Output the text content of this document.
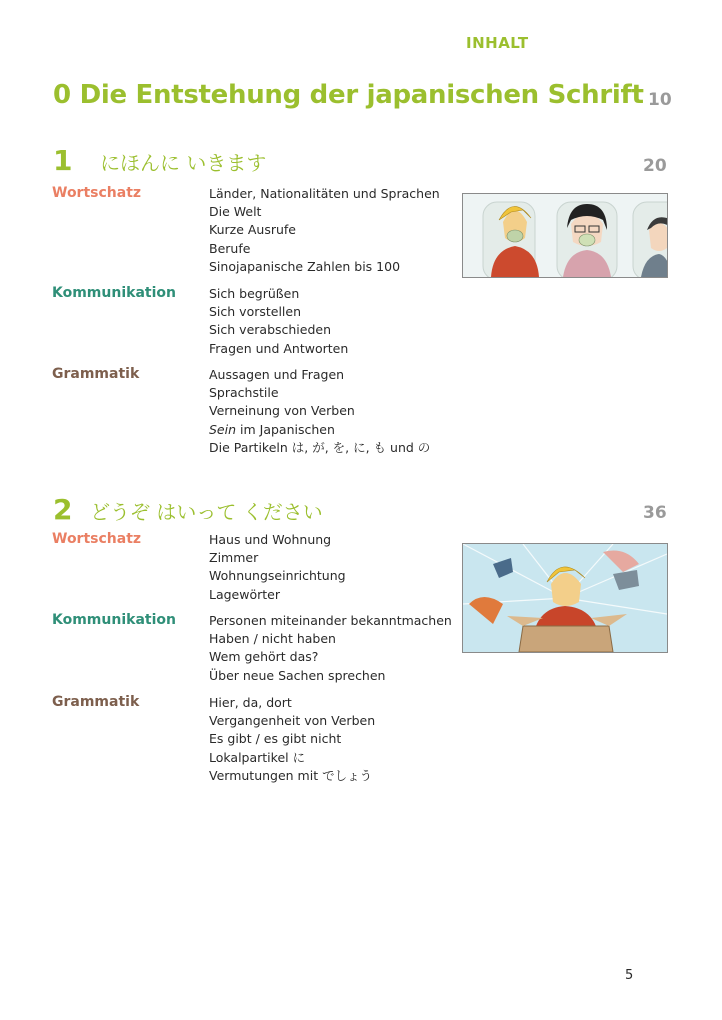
INHALT
0 Die Entstehung der japanischen Schrift 10
1 にほんに いきます	20
Wortschatz	Länder, Nationalitäten und Sprachen
Die Welt
Kurze Ausrufe
Berufe
Sinojapanische Zahlen bis 100
Kommunikation	Sich begrüßen
Sich vorstellen
Sich verabschieden
Fragen und Antworten
Grammatik	Aussagen und Fragen
Sprachstile
Verneinung von Verben
Sein im Japanischen
Die Partikeln は, が, を, に, も und の
2 どうぞ はいって ください	36
Wortschatz	Haus und Wohnung
Zimmer
Wohnungseinrichtung
Lagewörter
Kommunikation	Personen miteinander bekanntmachen
Haben / nicht haben
Wem gehört das?
Über neue Sachen sprechen
Grammatik	Hier, da, dort
Vergangenheit von Verben
Es gibt / es gibt nicht
Lokalpartikel に
Vermutungen mit でしょう
5
